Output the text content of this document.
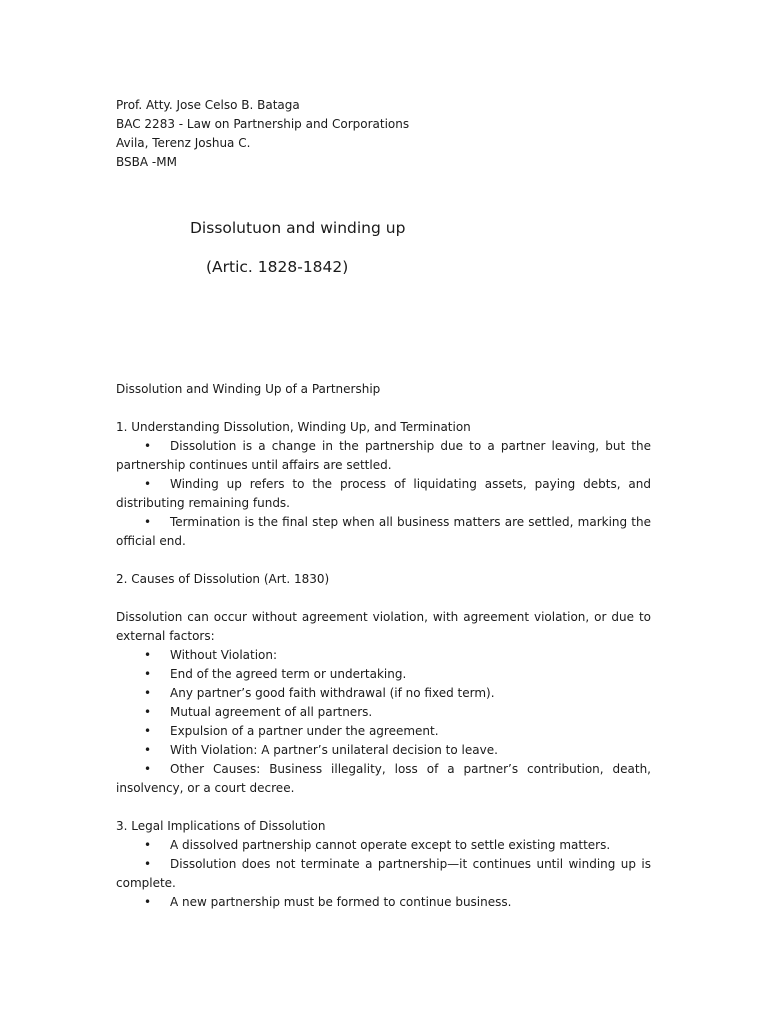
Prof. Atty. Jose Celso B. Bataga
BAC 2283 - Law on Partnership and Corporations
Avila, Terenz Joshua C.
BSBA -MM
Dissolutuon and winding up
(Artic. 1828-1842)
Dissolution and Winding Up of a Partnership
1. Understanding Dissolution, Winding Up, and Termination
• Dissolution is a change in the partnership due to a partner leaving, but the partnership continues until affairs are settled.
• Winding up refers to the process of liquidating assets, paying debts, and distributing remaining funds.
• Termination is the final step when all business matters are settled, marking the official end.
2. Causes of Dissolution (Art. 1830)
Dissolution can occur without agreement violation, with agreement violation, or due to external factors:
• Without Violation:
• End of the agreed term or undertaking.
• Any partner’s good faith withdrawal (if no fixed term).
• Mutual agreement of all partners.
• Expulsion of a partner under the agreement.
• With Violation: A partner’s unilateral decision to leave.
• Other Causes: Business illegality, loss of a partner’s contribution, death, insolvency, or a court decree.
3. Legal Implications of Dissolution
• A dissolved partnership cannot operate except to settle existing matters.
• Dissolution does not terminate a partnership—it continues until winding up is complete.
• A new partnership must be formed to continue business.
